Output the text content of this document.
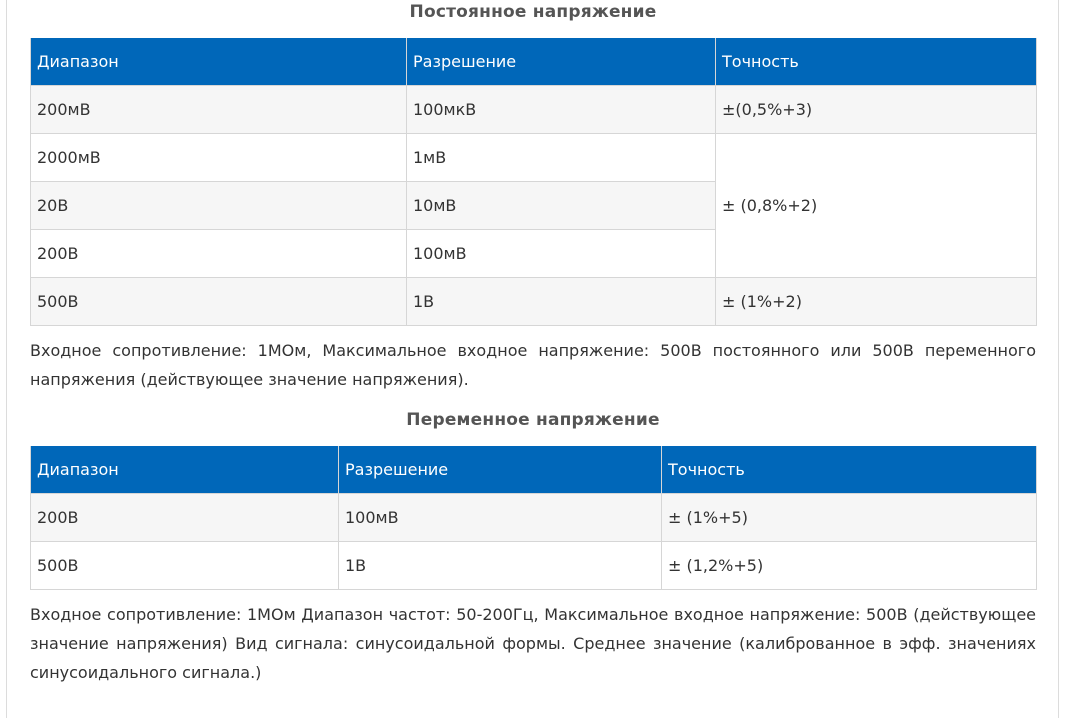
Постоянное напряжение
Диапазон	Разрешение	Точность
200мВ	100мкВ	±(0,5%+3)
2000мВ	1мВ	± (0,8%+2)
20В	10мВ	
200В	100мВ	
500В	1В	± (1%+2)
Входное сопротивление: 1МОм, Максимальное входное напряжение: 500В постоянного или 500В переменного напряжения (действующее значение напряжения).
Переменное напряжение
Диапазон	Разрешение	Точность
200В	100мВ	± (1%+5)
500В	1В	± (1,2%+5)
Входное сопротивление: 1МОм Диапазон частот: 50-200Гц, Максимальное входное напряжение: 500В (действующее значение напряжения) Вид сигнала: синусоидальной формы. Среднее значение (калиброванное в эфф. значениях синусоидального сигнала.)
